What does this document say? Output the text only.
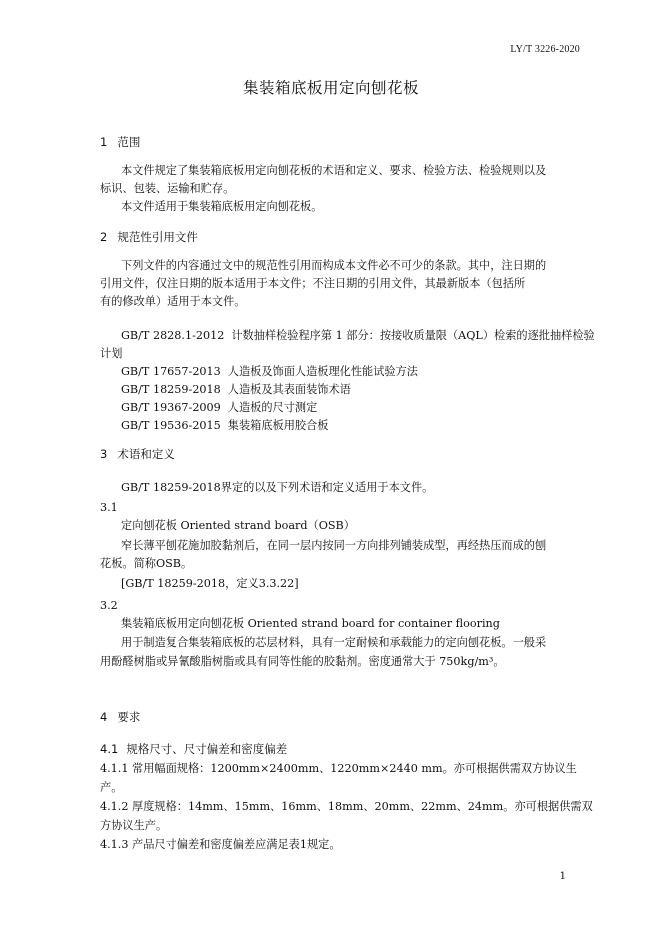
LY/T 3226-2020
集装箱底板用定向刨花板
1 范围
本文件规定了集装箱底板用定向刨花板的术语和定义、要求、检验方法、检验规则以及
标识、包装、运输和贮存。
本文件适用于集装箱底板用定向刨花板。
2 规范性引用文件
下列文件的内容通过文中的规范性引用而构成本文件必不可少的条款。其中，注日期的
引用文件，仅注日期的版本适用于本文件；不注日期的引用文件，其最新版本（包括所
有的修改单）适用于本文件。
GB/T 2828.1-2012 计数抽样检验程序第 1 部分：按接收质量限（AQL）检索的逐批抽样检验
计划
GB/T 17657-2013 人造板及饰面人造板理化性能试验方法
GB/T 18259-2018 人造板及其表面装饰术语
GB/T 19367-2009 人造板的尺寸测定
GB/T 19536-2015 集装箱底板用胶合板
3 术语和定义
GB/T 18259-2018界定的以及下列术语和定义适用于本文件。
3.1
定向刨花板 Oriented strand board（OSB）
窄长薄平刨花施加胶黏剂后，在同一层内按同一方向排列铺装成型，再经热压而成的刨
花板。简称OSB。
[GB/T 18259-2018，定义3.3.22]
3.2
集装箱底板用定向刨花板 Oriented strand board for container flooring
用于制造复合集装箱底板的芯层材料，具有一定耐候和承载能力的定向刨花板。一般采
用酚醛树脂或异氰酸脂树脂或具有同等性能的胶黏剂。密度通常大于 750kg/m³。
4 要求
4.1 规格尺寸、尺寸偏差和密度偏差
4.1.1 常用幅面规格：1200mm×2400mm、1220mm×2440 mm。亦可根据供需双方协议生
产。
4.1.2 厚度规格：14mm、15mm、16mm、18mm、20mm、22mm、24mm。亦可根据供需双
方协议生产。
4.1.3 产品尺寸偏差和密度偏差应满足表1规定。
1
